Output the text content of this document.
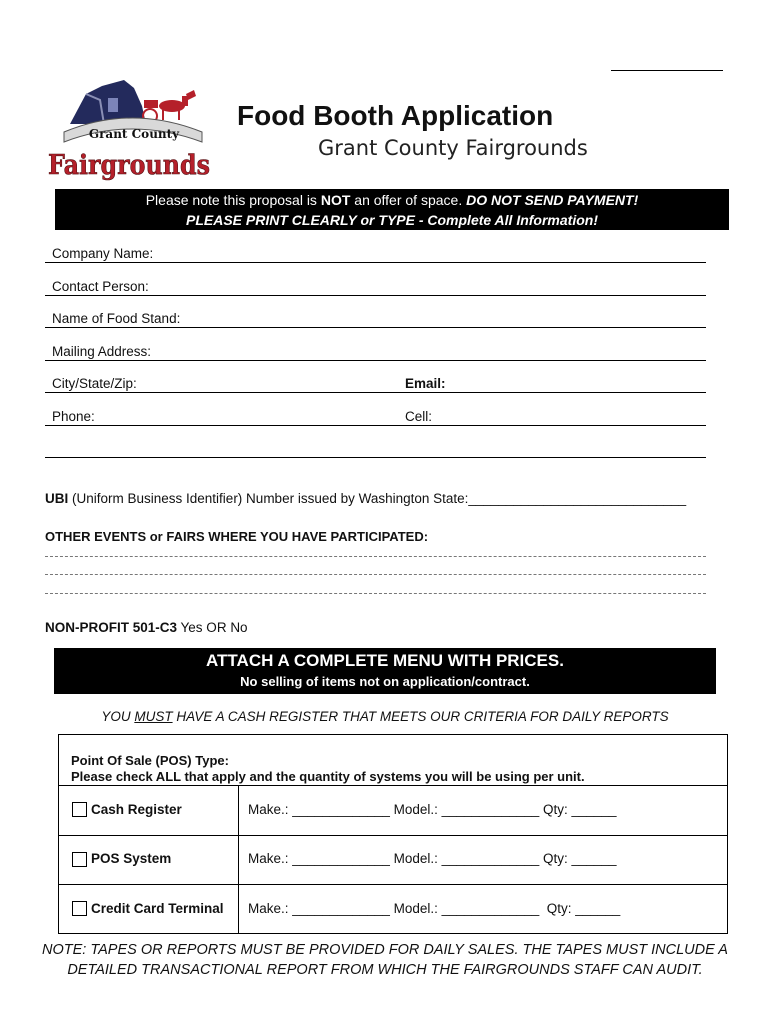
Grant County
Fairgrounds
Food Booth Application
Grant County Fairgrounds
Please note this proposal is NOT an offer of space. DO NOT SEND PAYMENT!
PLEASE PRINT CLEARLY or TYPE - Complete All Information!
Company Name:
Contact Person:
Name of Food Stand:
Mailing Address:
City/State/Zip:	Email:
Phone:	Cell:
UBI (Uniform Business Identifier) Number issued by Washington State:_____________________________
OTHER EVENTS or FAIRS WHERE YOU HAVE PARTICIPATED:
NON-PROFIT 501-C3 Yes OR No
ATTACH A COMPLETE MENU WITH PRICES.
No selling of items not on application/contract.
YOU MUST HAVE A CASH REGISTER THAT MEETS OUR CRITERIA FOR DAILY REPORTS
Point Of Sale (POS) Type:
Please check ALL that apply and the quantity of systems you will be using per unit.
Cash Register	Make.: _____________ Model.: _____________ Qty: ______
POS System	Make.: _____________ Model.: _____________ Qty: ______
Credit Card Terminal Make.: _____________ Model.: _____________  Qty: ______
NOTE: TAPES OR REPORTS MUST BE PROVIDED FOR DAILY SALES. THE TAPES MUST INCLUDE A
DETAILED TRANSACTIONAL REPORT FROM WHICH THE FAIRGROUNDS STAFF CAN AUDIT.
